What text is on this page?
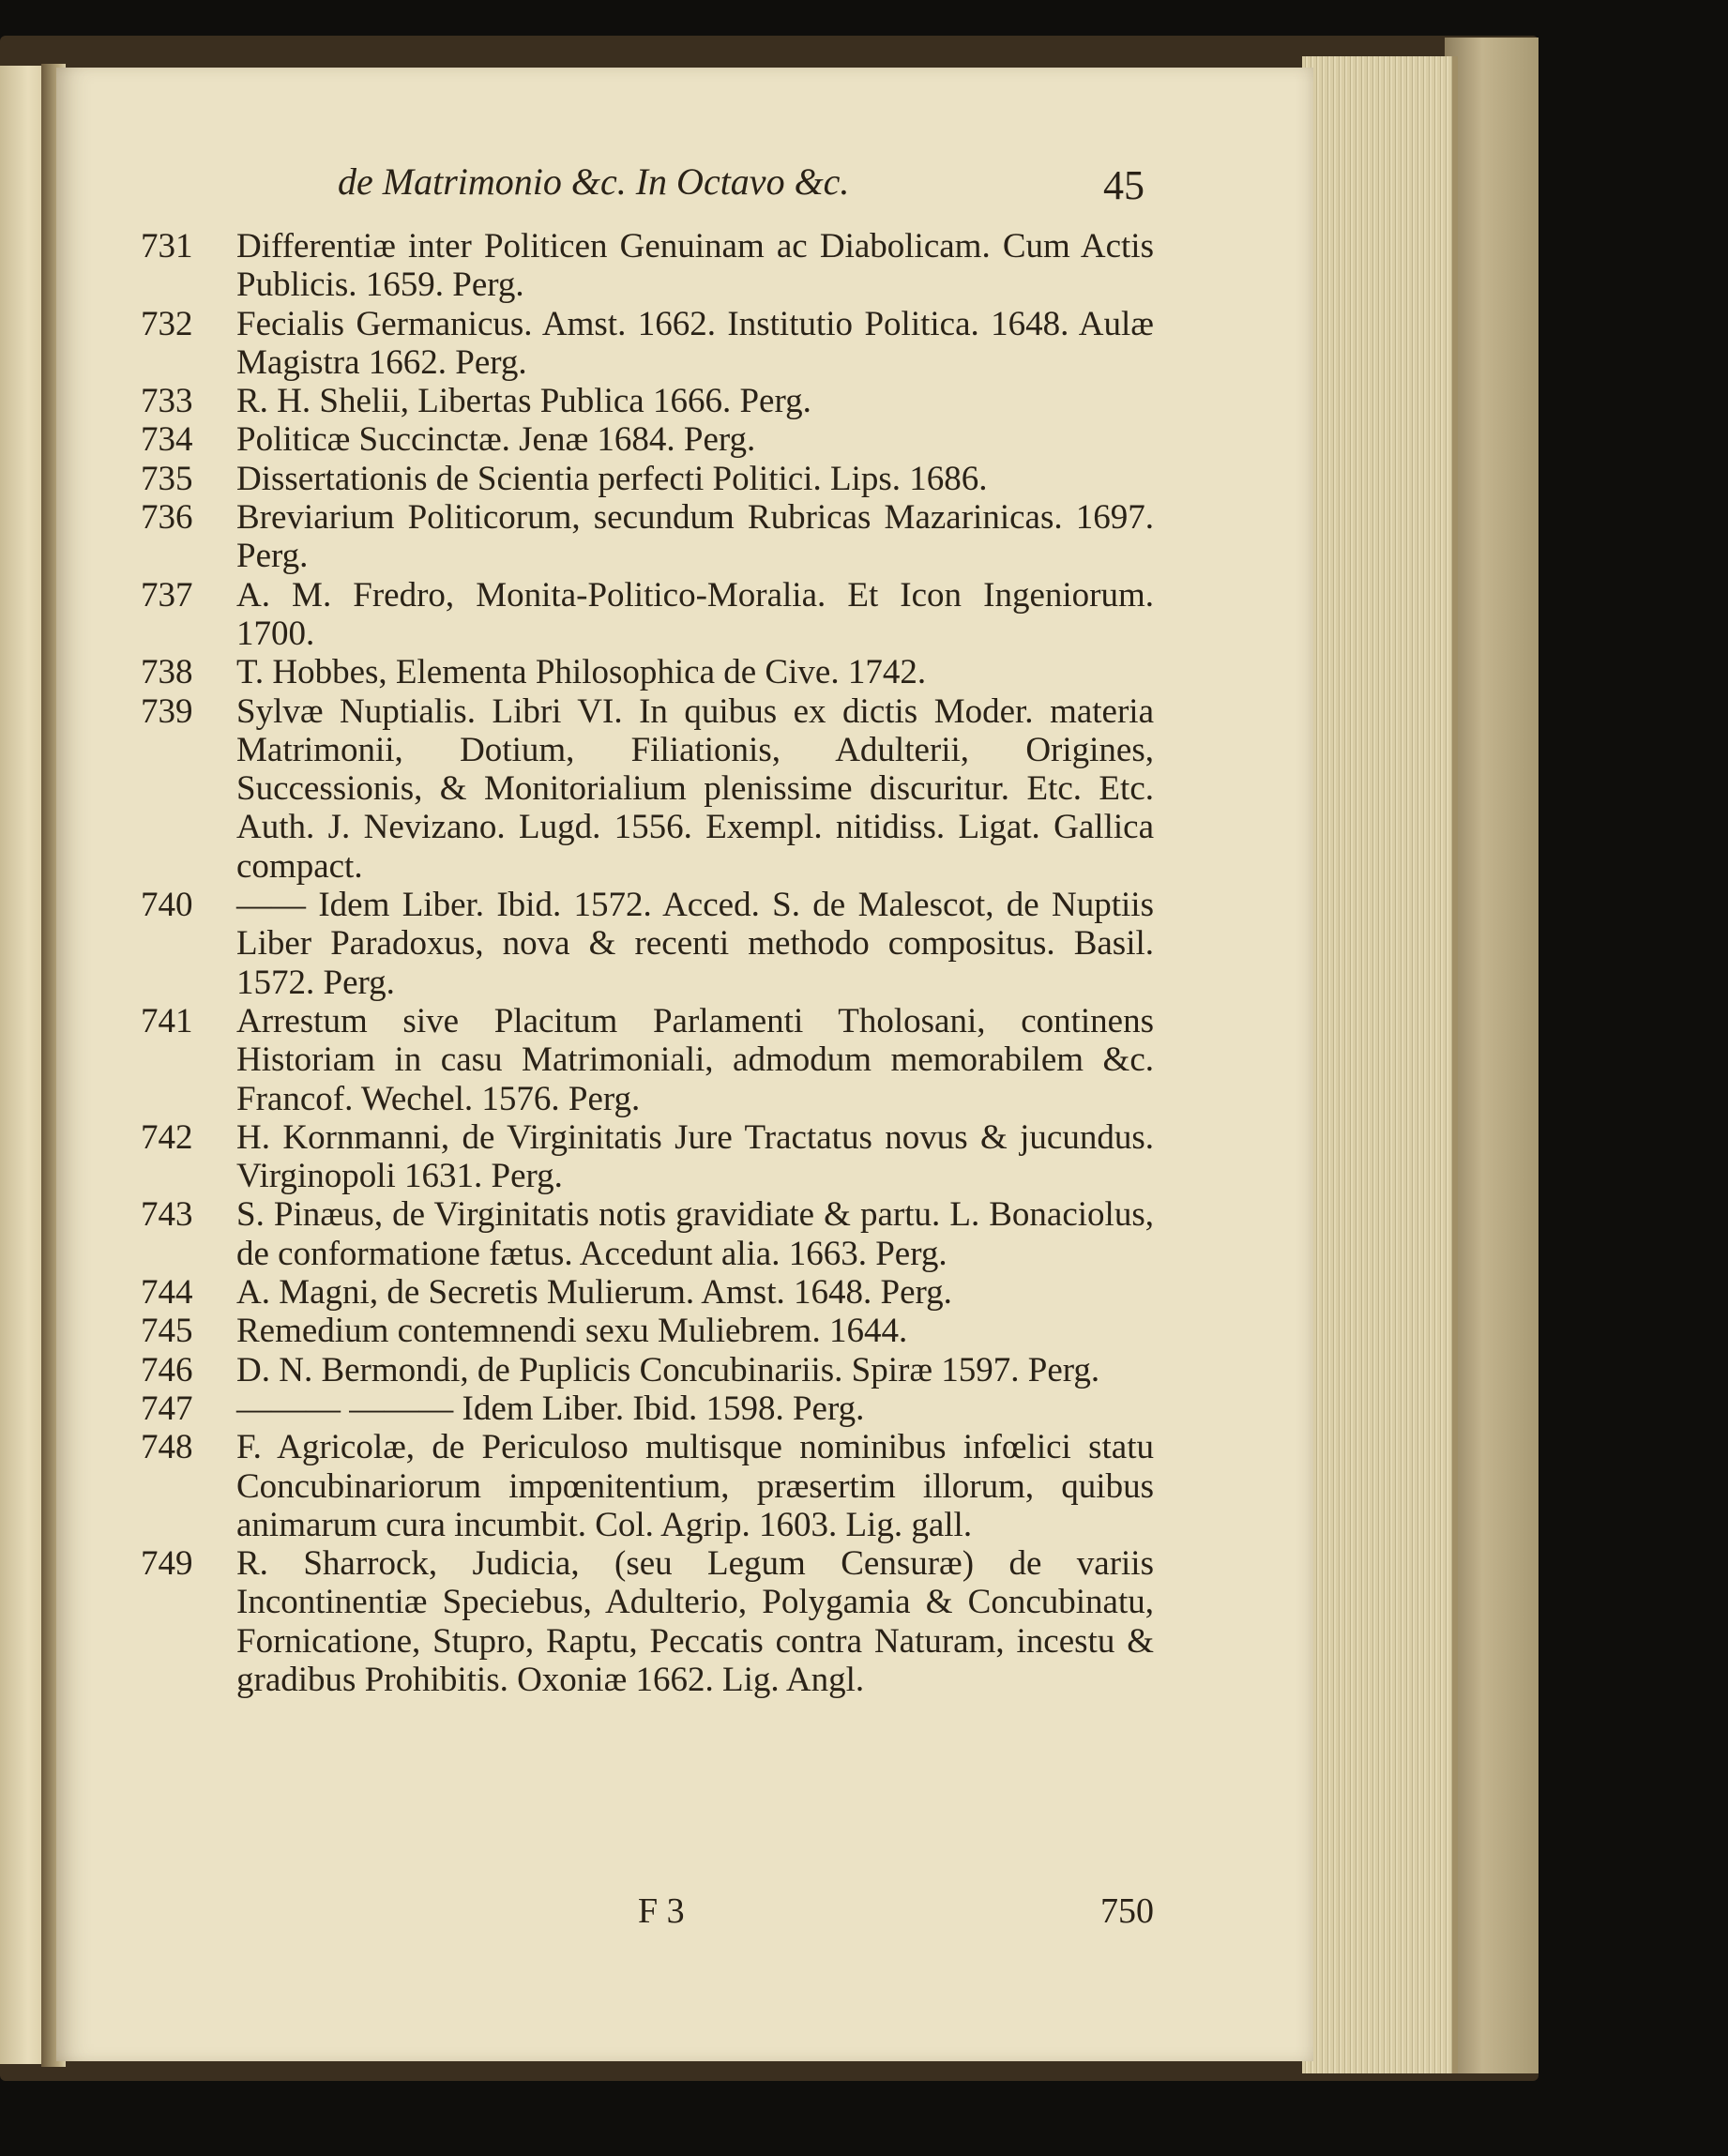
de Matrimonio &c. In Octavo &c.	45
731	Differentiæ inter Politicen Genuinam ac Diabolicam. Cum Actis Publicis. 1659. Perg.
732	Fecialis Germanicus. Amst. 1662. Institutio Politica. 1648. Aulæ Magistra 1662. Perg.
733	R. H. Shelii, Libertas Publica 1666. Perg.
734	Politicæ Succinctæ. Jenæ 1684. Perg.
735	Dissertationis de Scientia perfecti Politici. Lips. 1686.
736	Breviarium Politicorum, secundum Rubricas Mazarinicas. 1697. Perg.
737	A. M. Fredro, Monita-Politico-Moralia. Et Icon Ingeniorum. 1700.
738	T. Hobbes, Elementa Philosophica de Cive. 1742.
739	Sylvæ Nuptialis. Libri VI. In quibus ex dictis Moder. materia Matrimonii, Dotium, Filiationis, Adulterii, Origines, Successionis, & Monitorialium plenissime discuritur. Etc. Etc. Auth. J. Nevizano. Lugd. 1556. Exempl. nitidiss. Ligat. Gallica compact.
740	—— Idem Liber. Ibid. 1572. Acced. S. de Malescot, de Nuptiis Liber Paradoxus, nova & recenti methodo compositus. Basil. 1572. Perg.
741	Arrestum sive Placitum Parlamenti Tholosani, continens Historiam in casu Matrimoniali, admodum memorabilem &c. Francof. Wechel. 1576. Perg.
742	H. Kornmanni, de Virginitatis Jure Tractatus novus & jucundus. Virginopoli 1631. Perg.
743	S. Pinæus, de Virginitatis notis gravidiate & partu. L. Bonaciolus, de conformatione fætus. Accedunt alia. 1663. Perg.
744	A. Magni, de Secretis Mulierum. Amst. 1648. Perg.
745	Remedium contemnendi sexu Muliebrem. 1644.
746	D. N. Bermondi, de Puplicis Concubinariis. Spiræ 1597. Perg.
747	——— ——— Idem Liber. Ibid. 1598. Perg.
748	F. Agricolæ, de Periculoso multisque nominibus infœlici statu Concubinariorum impœnitentium, præsertim illorum, quibus animarum cura incumbit. Col. Agrip. 1603. Lig. gall.
749	R. Sharrock, Judicia, (seu Legum Censuræ) de variis Incontinentiæ Speciebus, Adulterio, Polygamia & Concubinatu, Fornicatione, Stupro, Raptu, Peccatis contra Naturam, incestu & gradibus Prohibitis. Oxoniæ 1662. Lig. Angl.
F 3	750
